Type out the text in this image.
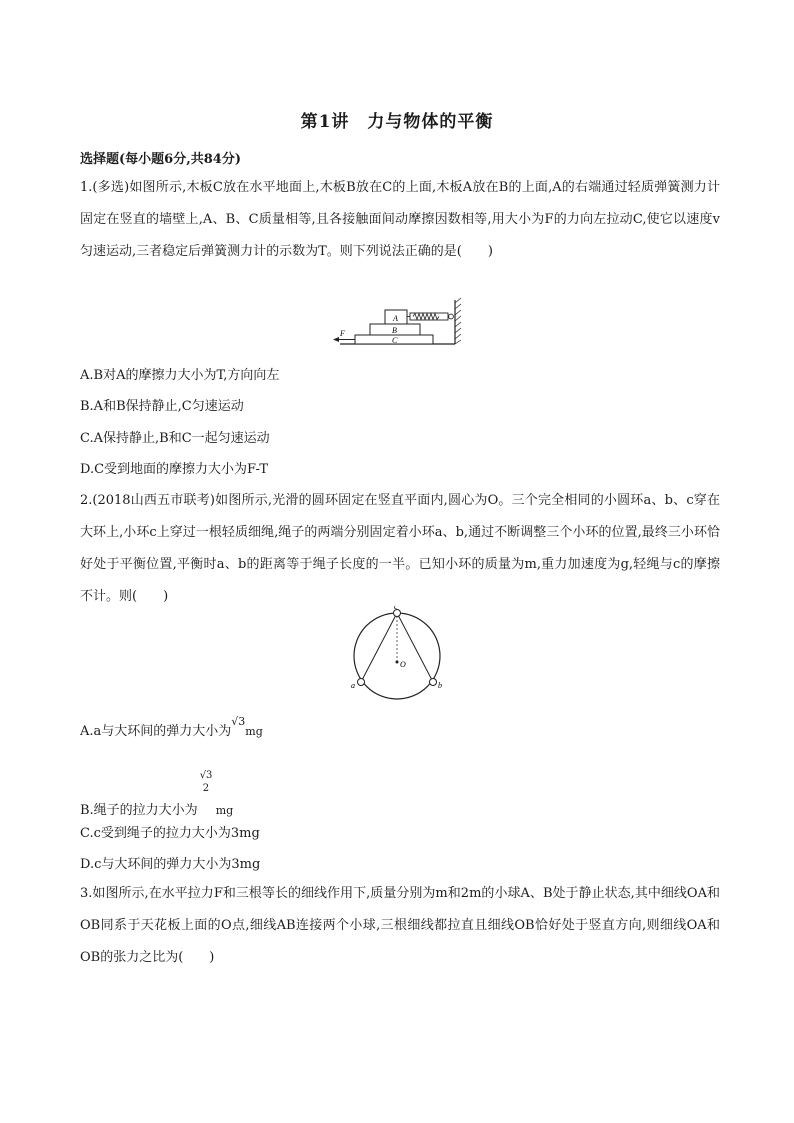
第1讲　力与物体的平衡
选择题(每小题6分,共84分)
1.(多选)如图所示,木板C放在水平地面上,木板B放在C的上面,木板A放在B的上面,A的右端通过轻质弹簧测力计固定在竖直的墙壁上,A、B、C质量相等,且各接触面间动摩擦因数相等,用大小为F的力向左拉动C,使它以速度v匀速运动,三者稳定后弹簧测力计的示数为T。则下列说法正确的是(　　)
A
B
C
F
A.B对A的摩擦力大小为T,方向向左
B.A和B保持静止,C匀速运动
C.A保持静止,B和C一起匀速运动
D.C受到地面的摩擦力大小为F-T
2.(2018山西五市联考)如图所示,光滑的圆环固定在竖直平面内,圆心为O。三个完全相同的小圆环a、b、c穿在大环上,小环c上穿过一根轻质细绳,绳子的两端分别固定着小环a、b,通过不断调整三个小环的位置,最终三小环恰好处于平衡位置,平衡时a、b的距离等于绳子长度的一半。已知小环的质量为m,重力加速度为g,轻绳与c的摩擦不计。则(　　)
c
O
a	b
A.a与大环间的弹力大小为$^{√3}$mg
B.绳子的拉力大小为
√3
2
$_{mg}$
C.c受到绳子的拉力大小为3mg
D.c与大环间的弹力大小为3mg
3.如图所示,在水平拉力F和三根等长的细线作用下,质量分别为m和2m的小球A、B处于静止状态,其中细线OA和OB同系于天花板上面的O点,细线AB连接两个小球,三根细线都拉直且细线OB恰好处于竖直方向,则细线OA和OB的张力之比为(　　)
